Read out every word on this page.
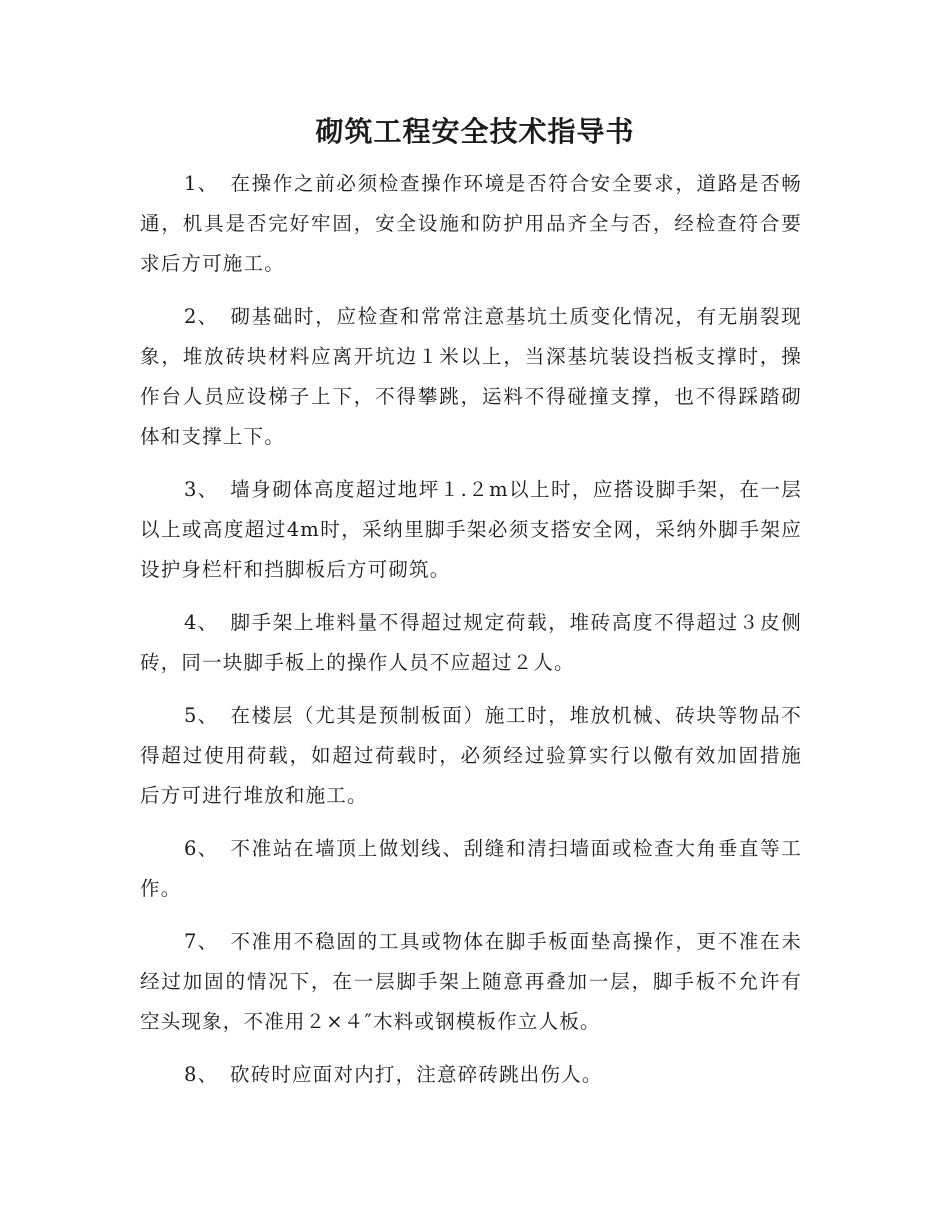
砌筑工程安全技术指导书

1、 在操作之前必须检查操作环境是否符合安全要求，道路是否畅通，机具是否完好牢固，安全设施和防护用品齐全与否，经检查符合要求后方可施工。

2、 砌基础时，应检查和常常注意基坑土质变化情况，有无崩裂现象，堆放砖块材料应离开坑边１米以上，当深基坑装设挡板支撑时，操作台人员应设梯子上下，不得攀跳，运料不得碰撞支撑，也不得踩踏砌体和支撑上下。

3、 墙身砌体高度超过地坪１.２m以上时，应搭设脚手架，在一层以上或高度超过4m时，采纳里脚手架必须支搭安全网，采纳外脚手架应设护身栏杆和挡脚板后方可砌筑。

4、 脚手架上堆料量不得超过规定荷载，堆砖高度不得超过３皮侧砖，同一块脚手板上的操作人员不应超过２人。

5、 在楼层（尤其是预制板面）施工时，堆放机械、砖块等物品不得超过使用荷载，如超过荷载时，必须经过验算实行以儆有效加固措施后方可进行堆放和施工。

6、 不准站在墙顶上做划线、刮缝和清扫墙面或检查大角垂直等工作。

7、 不准用不稳固的工具或物体在脚手板面垫高操作，更不准在未经过加固的情况下，在一层脚手架上随意再叠加一层，脚手板不允许有空头现象，不准用２×４″木料或钢模板作立人板。

8、 砍砖时应面对内打，注意碎砖跳出伤人。
